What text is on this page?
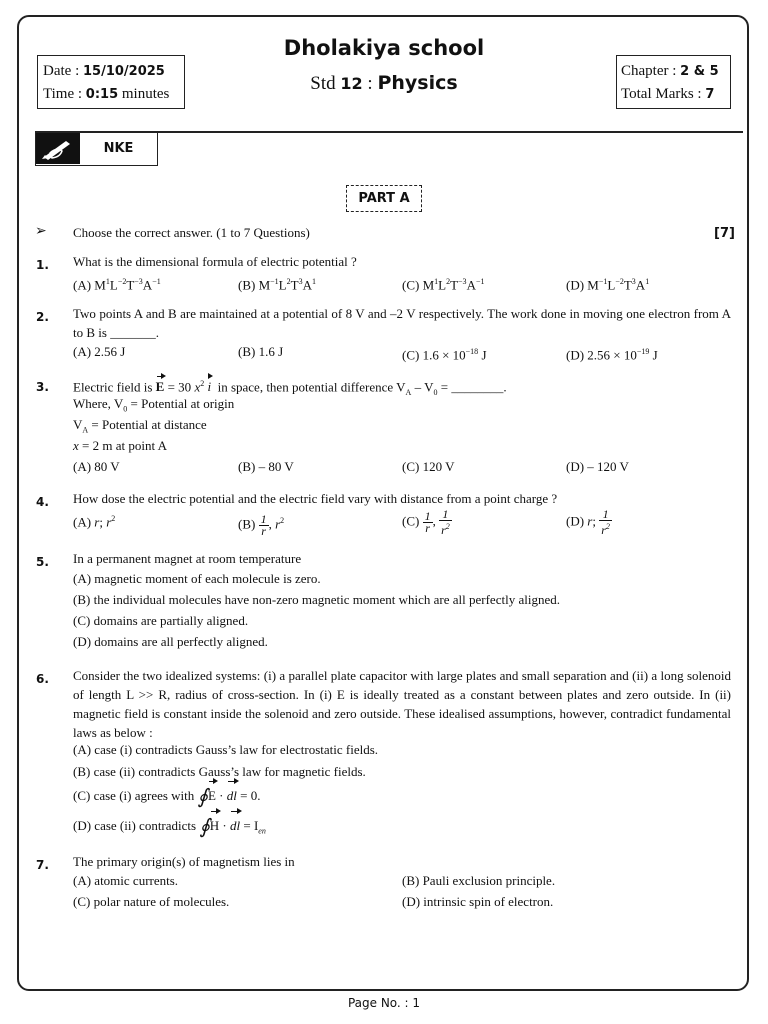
Date : 15/10/2025
Time : 0:15 minutes
Dholakiya school
Std 12 : Physics
Chapter : 2 & 5
Total Marks : 7
NKE
PART A
➢ Choose the correct answer. (1 to 7 Questions)	[7]
1. What is the dimensional formula of electric potential ?
(A) $M^1L^{-2}T^{-3}A^{-1}$	(B) $M^{-1}L^2T^3A^1$	(C) $M^1L^2T^{-3}A^{-1}$	(D) $M^{-1}L^{-2}T^3A^1$
2. Two points A and B are maintained at a potential of 8 V and –2 V respectively. The work done in moving one electron from A to B is _______.
(A) 2.56 J	(B) 1.6 J	(C) $1.6 \times 10^{-18}$ J	(D) $2.56 \times 10^{-19}$ J
3. Electric field is E = 30 $x^2$ i  in space, then potential difference $V_A - V_0$ = ________.
Where, $V_0$ = Potential at origin
$V_A$ = Potential at distance
x = 2 m at point A
(A) 80 V	(B) – 80 V	(C) 120 V	(D) – 120 V
4. How dose the electric potential and the electric field vary with distance from a point charge ?
(A) r; $r^2$	$(B) \frac{1}{r}$ , $r^2$	$(C) \frac{1}{r}$ , $\frac{1}{r^2}$	(D) r; $\frac{1}{r^2}$
5. In a permanent magnet at room temperature
(A) magnetic moment of each molecule is zero.
(B) the individual molecules have non-zero magnetic moment which are all perfectly aligned.
(C) domains are partially aligned.
(D) domains are all perfectly aligned.
6. Consider the two idealized systems: (i) a parallel plate capacitor with large plates and small separation and (ii) a long solenoid of length L >> R, radius of cross-section. In (i) E is ideally treated as a constant between plates and zero outside. In (ii) magnetic field is constant inside the solenoid and zero outside. These idealised assumptions, however, contradict fundamental laws as below :
(A) case (i) contradicts Gauss’s law for electrostatic fields.
(B) case (ii) contradicts Gauss’s law for magnetic fields.
(C) case (i) agrees with ∮E · dl = 0.
(D) case (ii) contradicts ∮H · dl = $I_{en}$
7. The primary origin(s) of magnetism lies in
(A) atomic currents.	(B) Pauli exclusion principle.
(C) polar nature of molecules.	(D) intrinsic spin of electron.
Page No. : 1
